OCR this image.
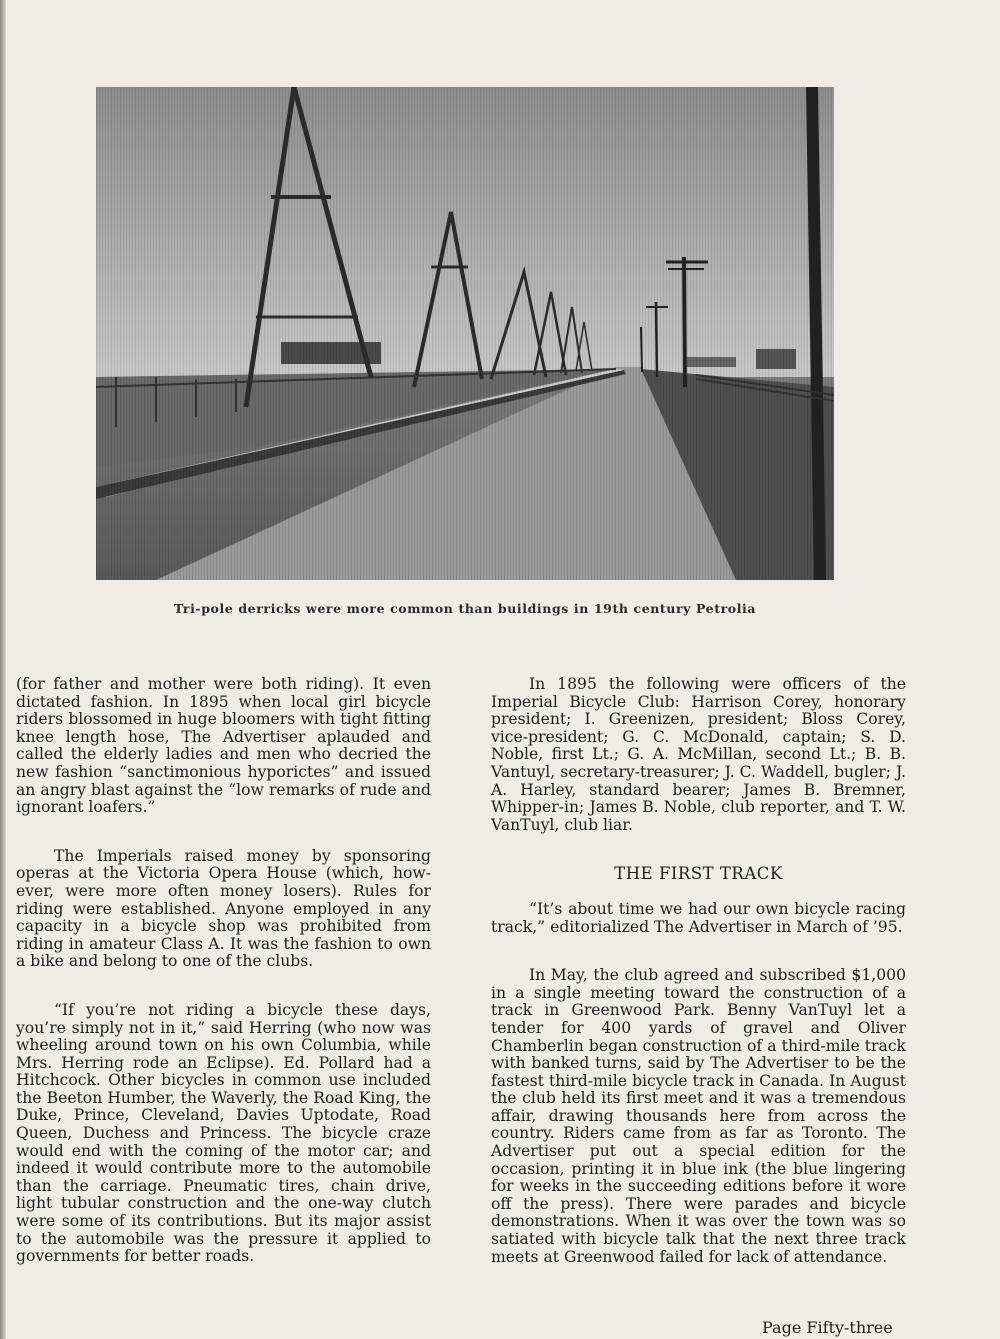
Tri-pole derricks were more common than buildings in 19th century Petrolia

(for father and mother were both riding). It even dictated fashion. In 1895 when local girl bicycle riders blossomed in huge bloomers with tight fitting knee length hose, The Advertiser aplauded and called the elderly ladies and men who decried the new fashion “sanctimonious hyporictes” and issued an angry blast against the “low remarks of rude and ignorant loafers.”

The Imperials raised money by sponsoring operas at the Victoria Opera House (which, however, were more often money losers). Rules for riding were established. Anyone employed in any capacity in a bicycle shop was prohibited from riding in amateur Class A. It was the fashion to own a bike and belong to one of the clubs.

“If you’re not riding a bicycle these days, you’re simply not in it,” said Herring (who now was wheeling around town on his own Columbia, while Mrs. Herring rode an Eclipse). Ed. Pollard had a Hitchcock. Other bicycles in common use included the Beeton Humber, the Waverly, the Road King, the Duke, Prince, Cleveland, Davies Uptodate, Road Queen, Duchess and Princess. The bicycle craze would end with the coming of the motor car; and indeed it would contribute more to the automobile than the carriage. Pneumatic tires, chain drive, light tubular construction and the one-way clutch were some of its contributions. But its major assist to the automobile was the pressure it applied to governments for better roads.

In 1895 the following were officers of the Imperial Bicycle Club: Harrison Corey, honorary president; I. Greenizen, president; Bloss Corey, vice-president; G. C. McDonald, captain; S. D. Noble, first Lt.; G. A. McMillan, second Lt.; B. B. Vantuyl, secretary-treasurer; J. C. Waddell, bugler; J. A. Harley, standard bearer; James B. Bremner, Whipper-in; James B. Noble, club reporter, and T. W. VanTuyl, club liar.

THE FIRST TRACK

“It’s about time we had our own bicycle racing track,” editorialized The Advertiser in March of ’95.

In May, the club agreed and subscribed $1,000 in a single meeting toward the construction of a track in Greenwood Park. Benny VanTuyl let a tender for 400 yards of gravel and Oliver Chamberlin began construction of a third-mile track with banked turns, said by The Advertiser to be the fastest third-mile bicycle track in Canada. In August the club held its first meet and it was a tremendous affair, drawing thousands here from across the country. Riders came from as far as Toronto. The Advertiser put out a special edition for the occasion, printing it in blue ink (the blue lingering for weeks in the succeeding editions before it wore off the press). There were parades and bicycle demonstrations. When it was over the town was so satiated with bicycle talk that the next three track meets at Greenwood failed for lack of attendance.

Page Fifty-three
